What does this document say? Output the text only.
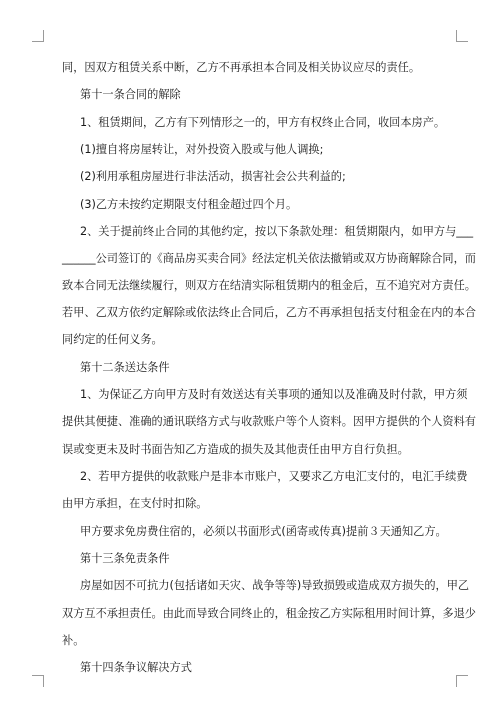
同，因双方租赁关系中断，乙方不再承担本合同及相关协议应尽的责任。
第十一条合同的解除
1、租赁期间，乙方有下列情形之一的，甲方有权终止合同，收回本房产。
(1)擅自将房屋转让，对外投资入股或与他人调换;
(2)利用承租房屋进行非法活动，损害社会公共利益的;
(3)乙方未按约定期限支付租金超过四个月。
2、关于提前终止合同的其他约定，按以下条款处理：租赁期限内，如甲方与___
______公司签订的《商品房买卖合同》经法定机关依法撤销或双方协商解除合同，而
致本合同无法继续履行，则双方在结清实际租赁期内的租金后，互不追究对方责任。
若甲、乙双方依约定解除或依法终止合同后，乙方不再承担包括支付租金在内的本合
同约定的任何义务。
第十二条送达条件
1、为保证乙方向甲方及时有效送达有关事项的通知以及准确及时付款，甲方须
提供其便捷、准确的通讯联络方式与收款账户等个人资料。因甲方提供的个人资料有
误或变更未及时书面告知乙方造成的损失及其他责任由甲方自行负担。
2、若甲方提供的收款账户是非本市账户，又要求乙方电汇支付的，电汇手续费
由甲方承担，在支付时扣除。
甲方要求免房费住宿的，必须以书面形式(函寄或传真)提前３天通知乙方。
第十三条免责条件
房屋如因不可抗力(包括诸如天灾、战争等等)导致损毁或造成双方损失的，甲乙
双方互不承担责任。由此而导致合同终止的，租金按乙方实际租用时间计算，多退少
补。
第十四条争议解决方式
